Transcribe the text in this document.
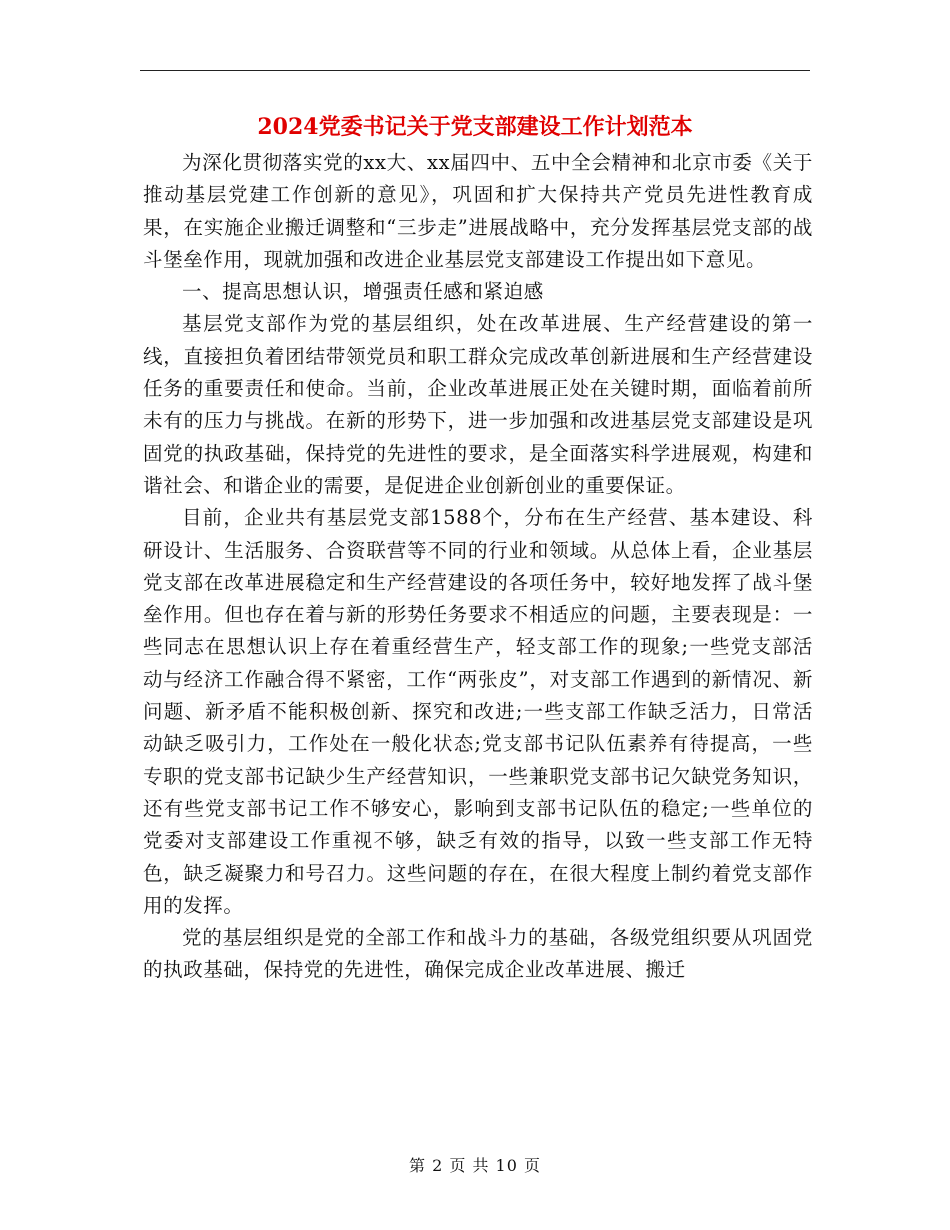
2024党委书记关于党支部建设工作计划范本

为深化贯彻落实党的xx大、xx届四中、五中全会精神和北京市委《关于推动基层党建工作创新的意见》，巩固和扩大保持共产党员先进性教育成果，在实施企业搬迁调整和“三步走”进展战略中，充分发挥基层党支部的战斗堡垒作用，现就加强和改进企业基层党支部建设工作提出如下意见。

一、提高思想认识，增强责任感和紧迫感

基层党支部作为党的基层组织，处在改革进展、生产经营建设的第一线，直接担负着团结带领党员和职工群众完成改革创新进展和生产经营建设任务的重要责任和使命。当前，企业改革进展正处在关键时期，面临着前所未有的压力与挑战。在新的形势下，进一步加强和改进基层党支部建设是巩固党的执政基础，保持党的先进性的要求，是全面落实科学进展观，构建和谐社会、和谐企业的需要，是促进企业创新创业的重要保证。

目前，企业共有基层党支部1588个，分布在生产经营、基本建设、科研设计、生活服务、合资联营等不同的行业和领域。从总体上看，企业基层党支部在改革进展稳定和生产经营建设的各项任务中，较好地发挥了战斗堡垒作用。但也存在着与新的形势任务要求不相适应的问题，主要表现是：一些同志在思想认识上存在着重经营生产，轻支部工作的现象;一些党支部活动与经济工作融合得不紧密，工作“两张皮”，对支部工作遇到的新情况、新问题、新矛盾不能积极创新、探究和改进;一些支部工作缺乏活力，日常活动缺乏吸引力，工作处在一般化状态;党支部书记队伍素养有待提高，一些专职的党支部书记缺少生产经营知识，一些兼职党支部书记欠缺党务知识，还有些党支部书记工作不够安心，影响到支部书记队伍的稳定;一些单位的党委对支部建设工作重视不够，缺乏有效的指导，以致一些支部工作无特色，缺乏凝聚力和号召力。这些问题的存在，在很大程度上制约着党支部作用的发挥。

党的基层组织是党的全部工作和战斗力的基础，各级党组织要从巩固党的执政基础，保持党的先进性，确保完成企业改革进展、搬迁

第 2 页 共 10 页
